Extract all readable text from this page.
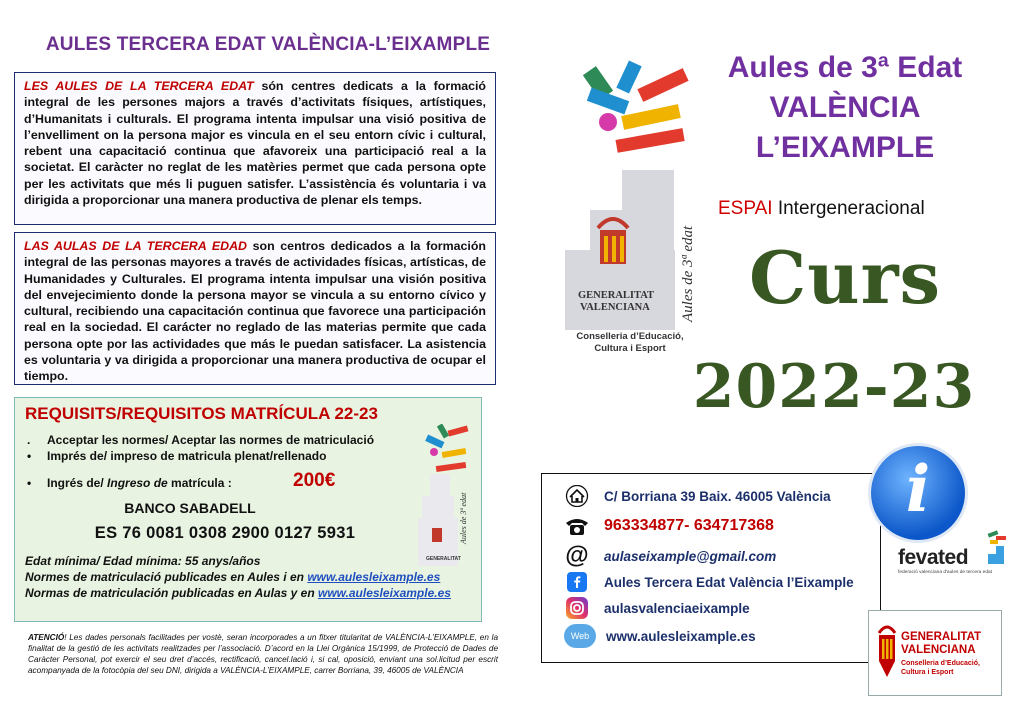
AULES TERCERA EDAT VALÈNCIA-L’EIXAMPLE
LES AULES DE LA TERCERA EDAT són centres dedicats a la formació integral de les persones majors a través d’activitats físiques, artístiques, d’Humanitats i culturals. El programa intenta impulsar una visió positiva de l’envelliment on la persona major es vincula en el seu entorn cívic i cultural, rebent una capacitació continua que afavoreix una participació real a la societat. El caràcter no reglat de les matèries permet que cada persona opte per les activitats que més li puguen satisfer. L’assistència és voluntaria i va dirigida a proporcionar una manera productiva de plenar els temps.
LAS AULAS DE LA TERCERA EDAD son centros dedicados a la formación integral de las personas mayores a través de actividades físicas, artísticas, de Humanidades y Culturales. El programa intenta impulsar una visión positiva del envejecimiento donde la persona mayor se vincula a su entorno cívico y cultural, recibiendo una capacitación continua que favorece una participación real en la sociedad. El carácter no reglado de las materias permite que cada persona opte por las actividades que más le puedan satisfacer. La asistencia es voluntaria y va dirigida a proporcionar una manera productiva de ocupar el tiempo.
REQUISITS/REQUISITOS MATRÍCULA 22-23
. Acceptar les normes/ Aceptar las normes de matriculació
• Imprés de/ impreso de matricula plenat/rellenado
• Ingrés de/ Ingreso de matrícula :	200€
BANCO SABADELL
ES 76 0081 0308 2900 0127 5931
Edat mínima/ Edad mínima: 55 anys/años
Normes de matriculació publicades en Aules i en www.aulesleixample.es
Normas de matriculación publicadas en Aulas y en www.aulesleixample.es
GENERALITAT
Aules de 3ª edat
ATENCIÓ! Les dades personals facilitades per vostè, seran incorporades a un fitxer titularitat de VALÈNCIA-L’EIXAMPLE, en la finalitat de la gestió de les activitats realitzades per l’associació. D’acord en la Llei Orgànica 15/1999, de Protecció de Dades de Caràcter Personal, pot exercir el seu dret d’accés, rectificació, cancel.lació i, si cal, oposició, enviant una sol.licitud per escrit acompanyada de la fotocòpia del seu DNI, dirigida a VALÈNCIA-L’EIXAMPLE, carrer Borriana, 39, 46005 de VALÈNCIA
GENERALITAT
VALENCIANA Aules de 3ª edat
Conselleria d’Educació,
Cultura i Esport
Aules de 3ª Edat
VALÈNCIA
L’EIXAMPLE
ESPAI Intergeneracional
Curs
2022-23
C/ Borriana 39 Baix. 46005 València
963334877- 634717368
@ aulaseixample@gmail.com
Aules Tercera Edat València l’Eixample
aulasvalenciaeixample
Web	www.aulesleixample.es
i
fevated
federació valenciana d'aules de tercera edat
GENERALITAT
VALENCIANA
Conselleria d’Educació,
Cultura i Esport
